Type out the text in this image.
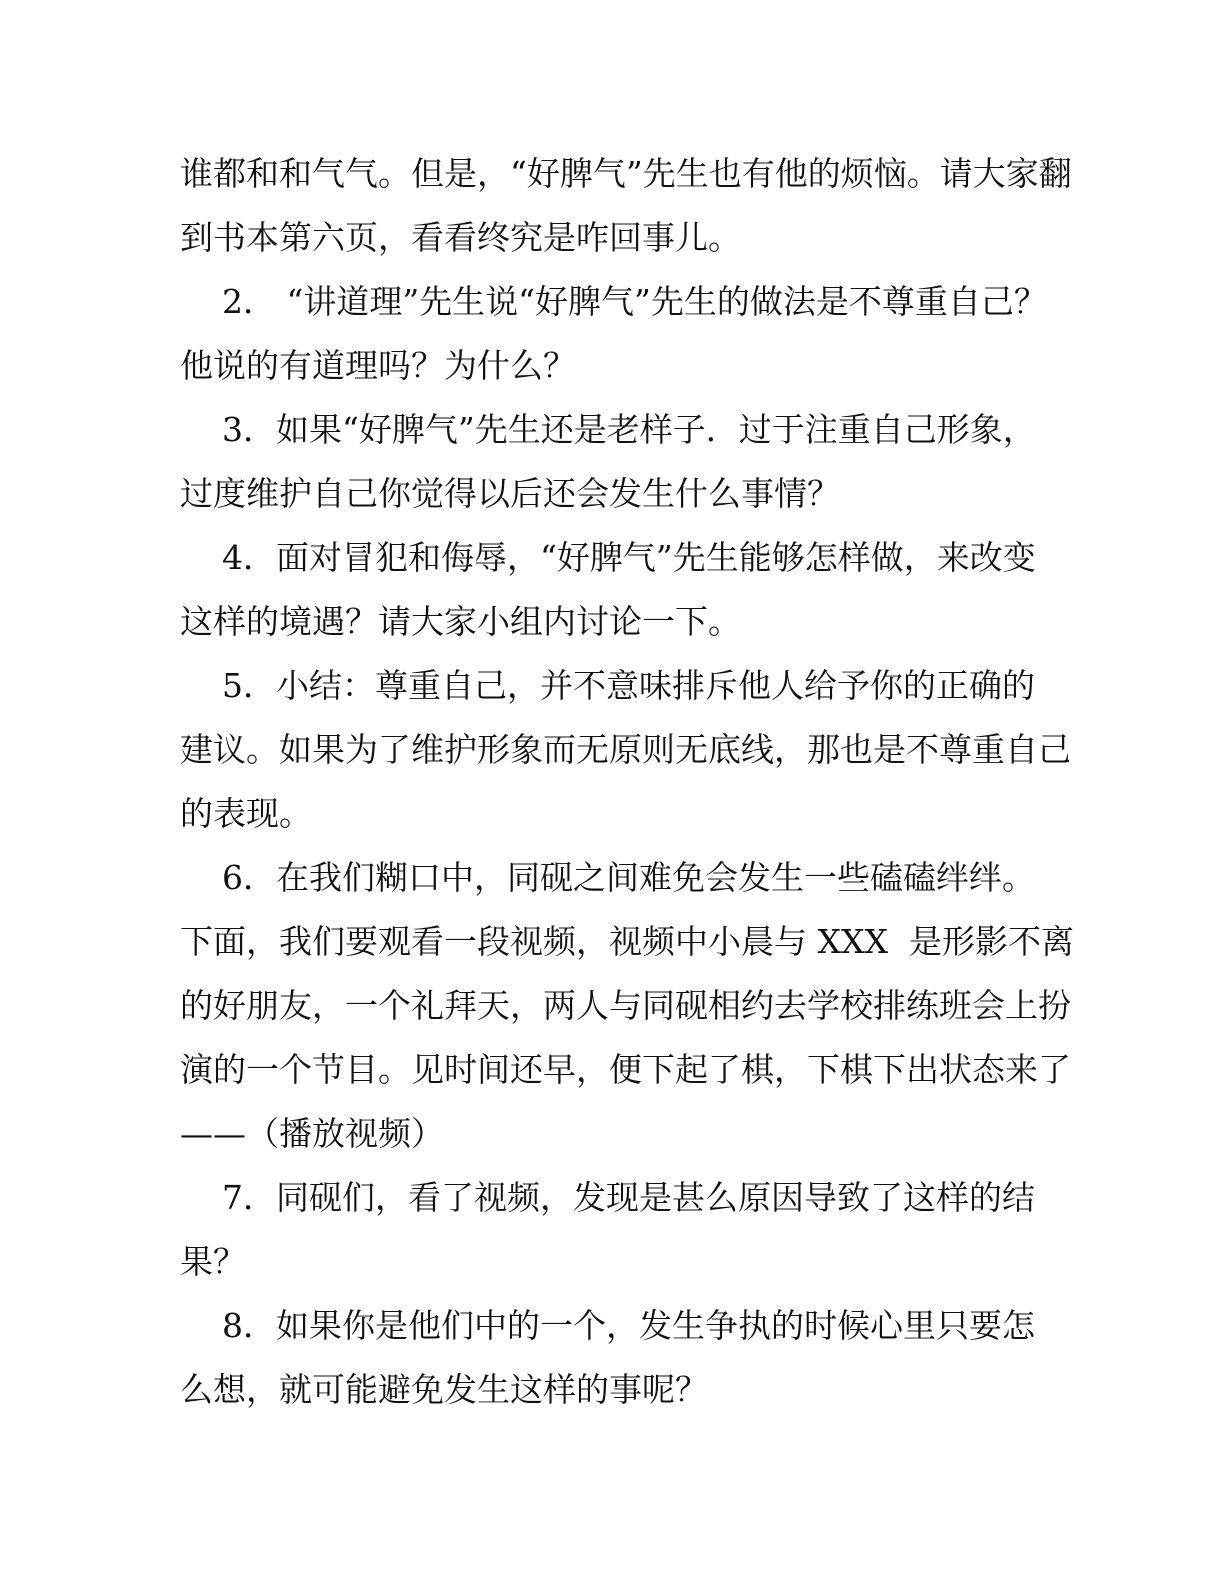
谁都和和气气。但是，“好脾气”先生也有他的烦恼。请大家翻
到书本第六页，看看终究是咋回事儿。
2． “讲道理”先生说“好脾气”先生的做法是不尊重自己？
他说的有道理吗？为什么？
3．如果“好脾气”先生还是老样子．过于注重自己形象，
过度维护自己你觉得以后还会发生什么事情？
4．面对冒犯和侮辱，“好脾气”先生能够怎样做，来改变
这样的境遇？请大家小组内讨论一下。
5．小结：尊重自己，并不意味排斥他人给予你的正确的
建议。如果为了维护形象而无原则无底线，那也是不尊重自己
的表现。
6．在我们糊口中，同砚之间难免会发生一些磕磕绊绊。
下面，我们要观看一段视频，视频中小晨与 XXX  是形影不离
的好朋友，一个礼拜天，两人与同砚相约去学校排练班会上扮
演的一个节目。见时间还早，便下起了棋，下棋下出状态来了
——（播放视频）
7．同砚们，看了视频，发现是甚么原因导致了这样的结
果？
8．如果你是他们中的一个，发生争执的时候心里只要怎
么想，就可能避免发生这样的事呢？
